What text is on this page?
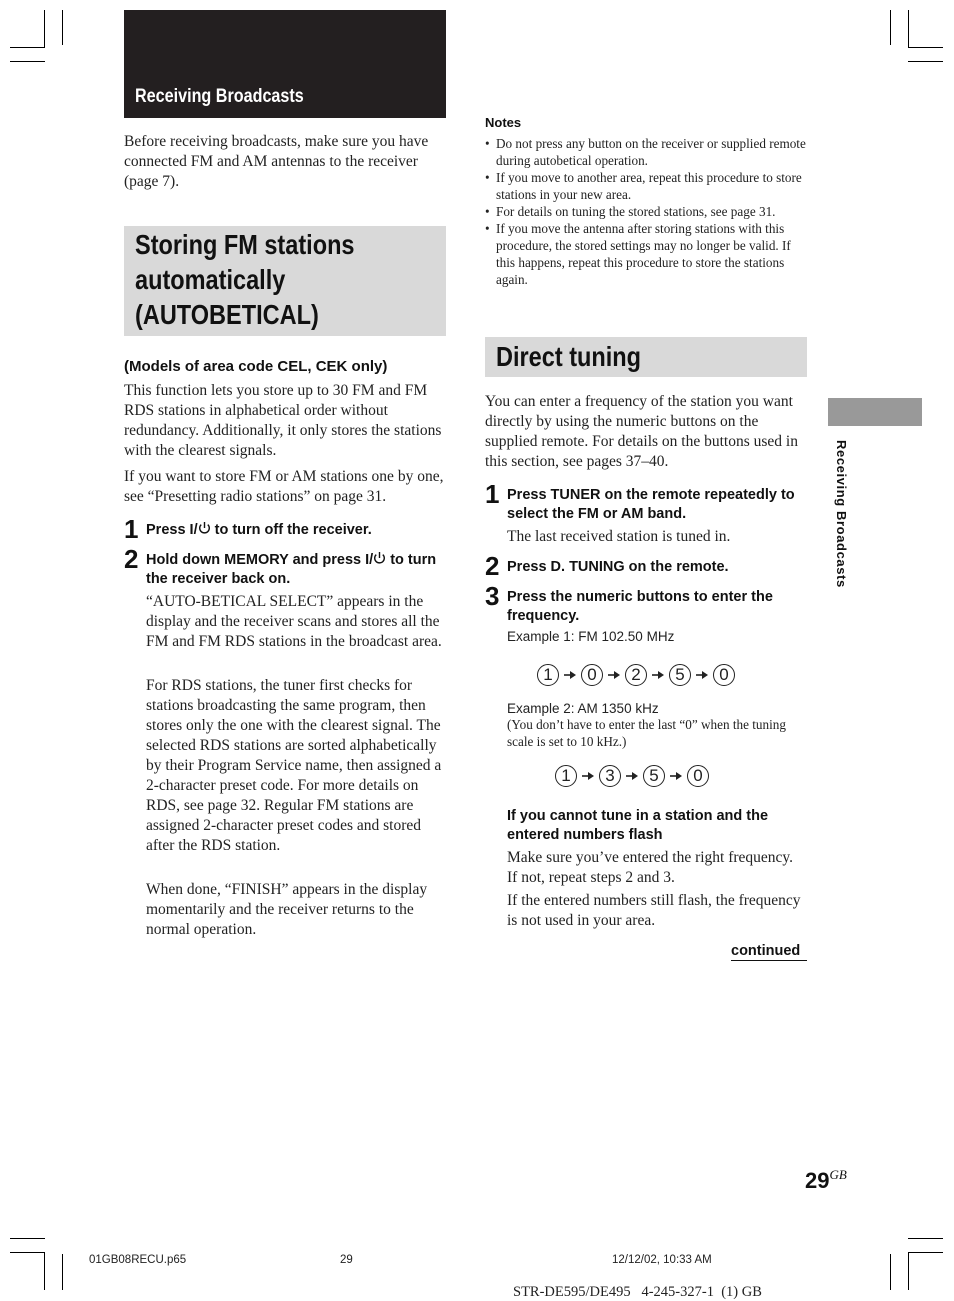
Receiving Broadcasts
Before receiving broadcasts, make sure you have connected FM and AM antennas to the receiver (page 7).
Storing FM stations
automatically
(AUTOBETICAL)
(Models of area code CEL, CEK only)
This function lets you store up to 30 FM and FM RDS stations in alphabetical order without redundancy. Additionally, it only stores the stations with the clearest signals.
If you want to store FM or AM stations one by one, see “Presetting radio stations” on page 31.
1 Press I/ to turn off the receiver.
2 Hold down MEMORY and press I/ to turn the receiver back on.
“AUTO-BETICAL SELECT” appears in the display and the receiver scans and stores all the FM and FM RDS stations in the broadcast area.
For RDS stations, the tuner first checks for stations broadcasting the same program, then stores only the one with the clearest signal. The selected RDS stations are sorted alphabetically by their Program Service name, then assigned a 2-character preset code. For more details on RDS, see page 32. Regular FM stations are assigned 2-character preset codes and stored after the RDS station.
When done, “FINISH” appears in the display momentarily and the receiver returns to the normal operation.
Notes
• Do not press any button on the receiver or supplied remote during autobetical operation.
• If you move to another area, repeat this procedure to store stations in your new area.
• For details on tuning the stored stations, see page 31.
• If you move the antenna after storing stations with this procedure, the stored settings may no longer be valid. If this happens, repeat this procedure to store the stations again.
Direct tuning
You can enter a frequency of the station you want directly by using the numeric buttons on the supplied remote. For details on the buttons used in this section, see pages 37–40.
1 Press TUNER on the remote repeatedly to select the FM or AM band.
The last received station is tuned in.
2 Press D. TUNING on the remote.
3 Press the numeric buttons to enter the frequency.
Example 1: FM 102.50 MHz
1	0	2	5	0
Example 2: AM 1350 kHz
(You don’t have to enter the last “0” when the tuning scale is set to 10 kHz.)
1	3	5	0
If you cannot tune in a station and the entered numbers flash
Make sure you’ve entered the right frequency. If not, repeat steps 2 and 3.
If the entered numbers still flash, the frequency is not used in your area.
continued
Receiving Broadcasts
$29^{GB}$
01GB08RECU.p65	29	12/12/02, 10:33 AM
STR-DE595/DE495   4-245-327-1  (1) GB
